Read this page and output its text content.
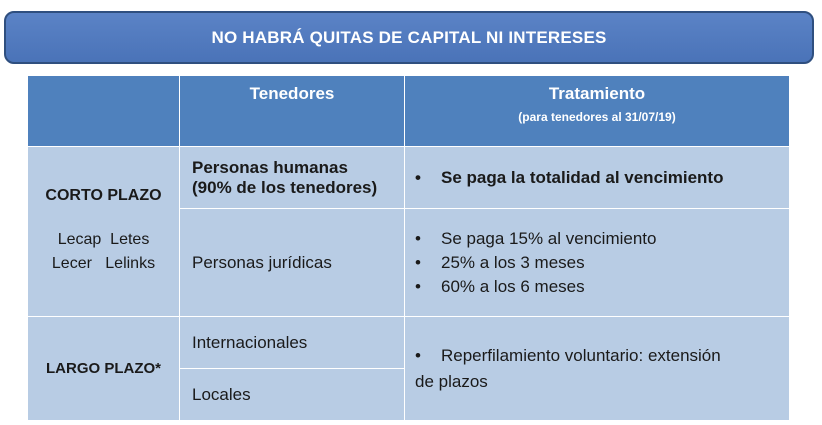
NO HABRÁ QUITAS DE CAPITAL NI INTERESES
Tenedores	Tratamiento
(para tenedores al 31/07/19)
CORTO PLAZO
Lecap  Letes
Lecer   Lelinks
Personas humanas
(90% de los tenedores)
• Se paga la totalidad al vencimiento
Personas jurídicas
• Se paga 15% al vencimiento
• 25% a los 3 meses
• 60% a los 6 meses
LARGO PLAZO*
Internacionales
Locales
• Reperfilamiento voluntario: extensión
de plazos
